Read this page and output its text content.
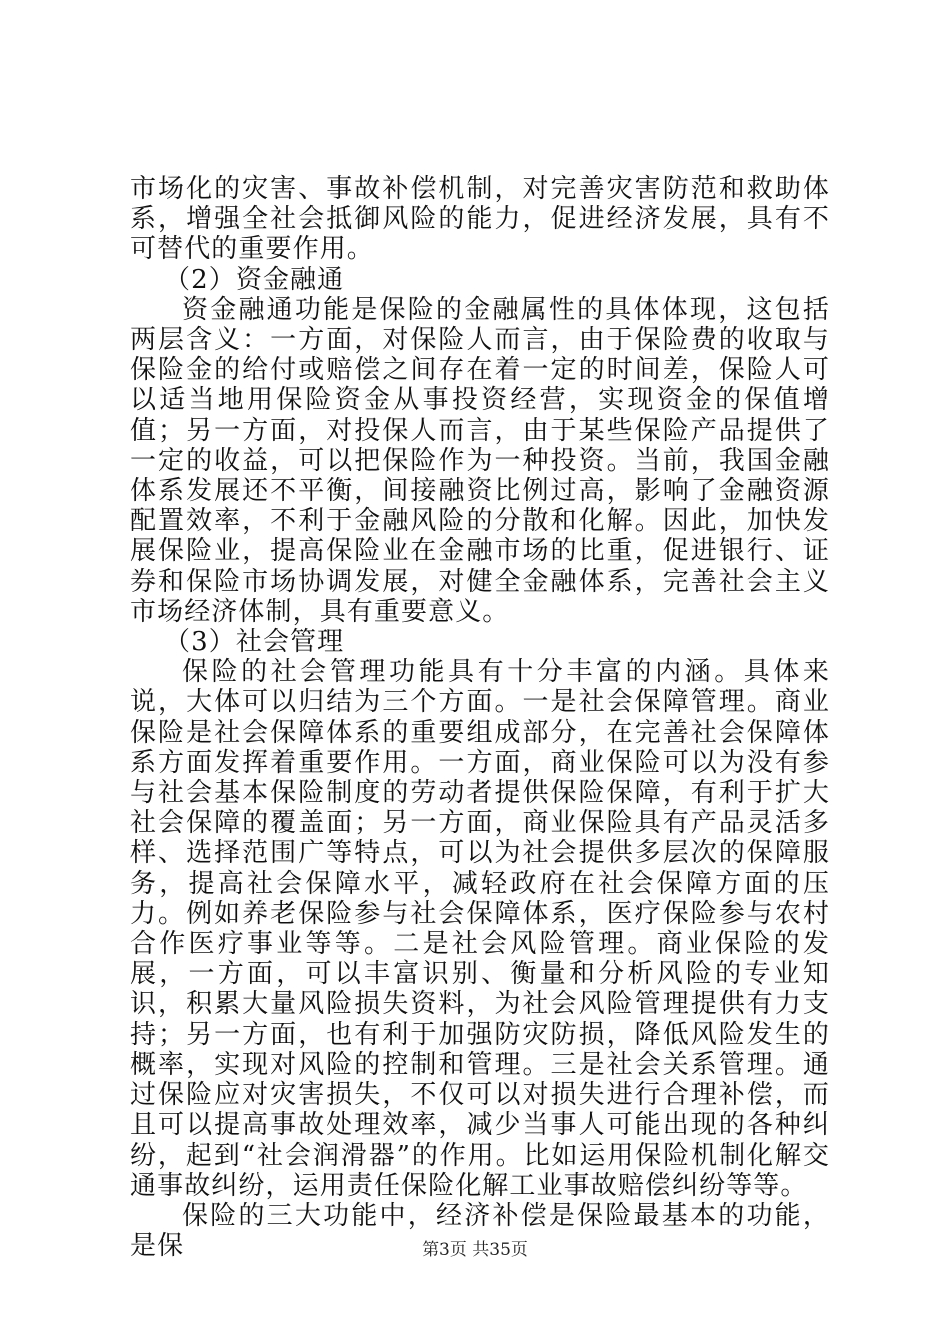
市场化的灾害、事故补偿机制，对完善灾害防范和救助体系，增强全社会抵御风险的能力，促进经济发展，具有不可替代的重要作用。

（2）资金融通

资金融通功能是保险的金融属性的具体体现，这包括两层含义：一方面，对保险人而言，由于保险费的收取与保险金的给付或赔偿之间存在着一定的时间差，保险人可以适当地用保险资金从事投资经营，实现资金的保值增值；另一方面，对投保人而言，由于某些保险产品提供了一定的收益，可以把保险作为一种投资。当前，我国金融体系发展还不平衡，间接融资比例过高，影响了金融资源配置效率，不利于金融风险的分散和化解。因此，加快发展保险业，提高保险业在金融市场的比重，促进银行、证券和保险市场协调发展，对健全金融体系，完善社会主义市场经济体制，具有重要意义。

（3）社会管理

保险的社会管理功能具有十分丰富的内涵。具体来说，大体可以归结为三个方面。一是社会保障管理。商业保险是社会保障体系的重要组成部分，在完善社会保障体系方面发挥着重要作用。一方面，商业保险可以为没有参与社会基本保险制度的劳动者提供保险保障，有利于扩大社会保障的覆盖面；另一方面，商业保险具有产品灵活多样、选择范围广等特点，可以为社会提供多层次的保障服务，提高社会保障水平，减轻政府在社会保障方面的压力。例如养老保险参与社会保障体系，医疗保险参与农村合作医疗事业等等。二是社会风险管理。商业保险的发展，一方面，可以丰富识别、衡量和分析风险的专业知识，积累大量风险损失资料，为社会风险管理提供有力支持；另一方面，也有利于加强防灾防损，降低风险发生的概率，实现对风险的控制和管理。三是社会关系管理。通过保险应对灾害损失，不仅可以对损失进行合理补偿，而且可以提高事故处理效率，减少当事人可能出现的各种纠纷，起到“社会润滑器”的作用。比如运用保险机制化解交通事故纠纷，运用责任保险化解工业事故赔偿纠纷等等。

保险的三大功能中，经济补偿是保险最基本的功能，是保	第3页 共35页
